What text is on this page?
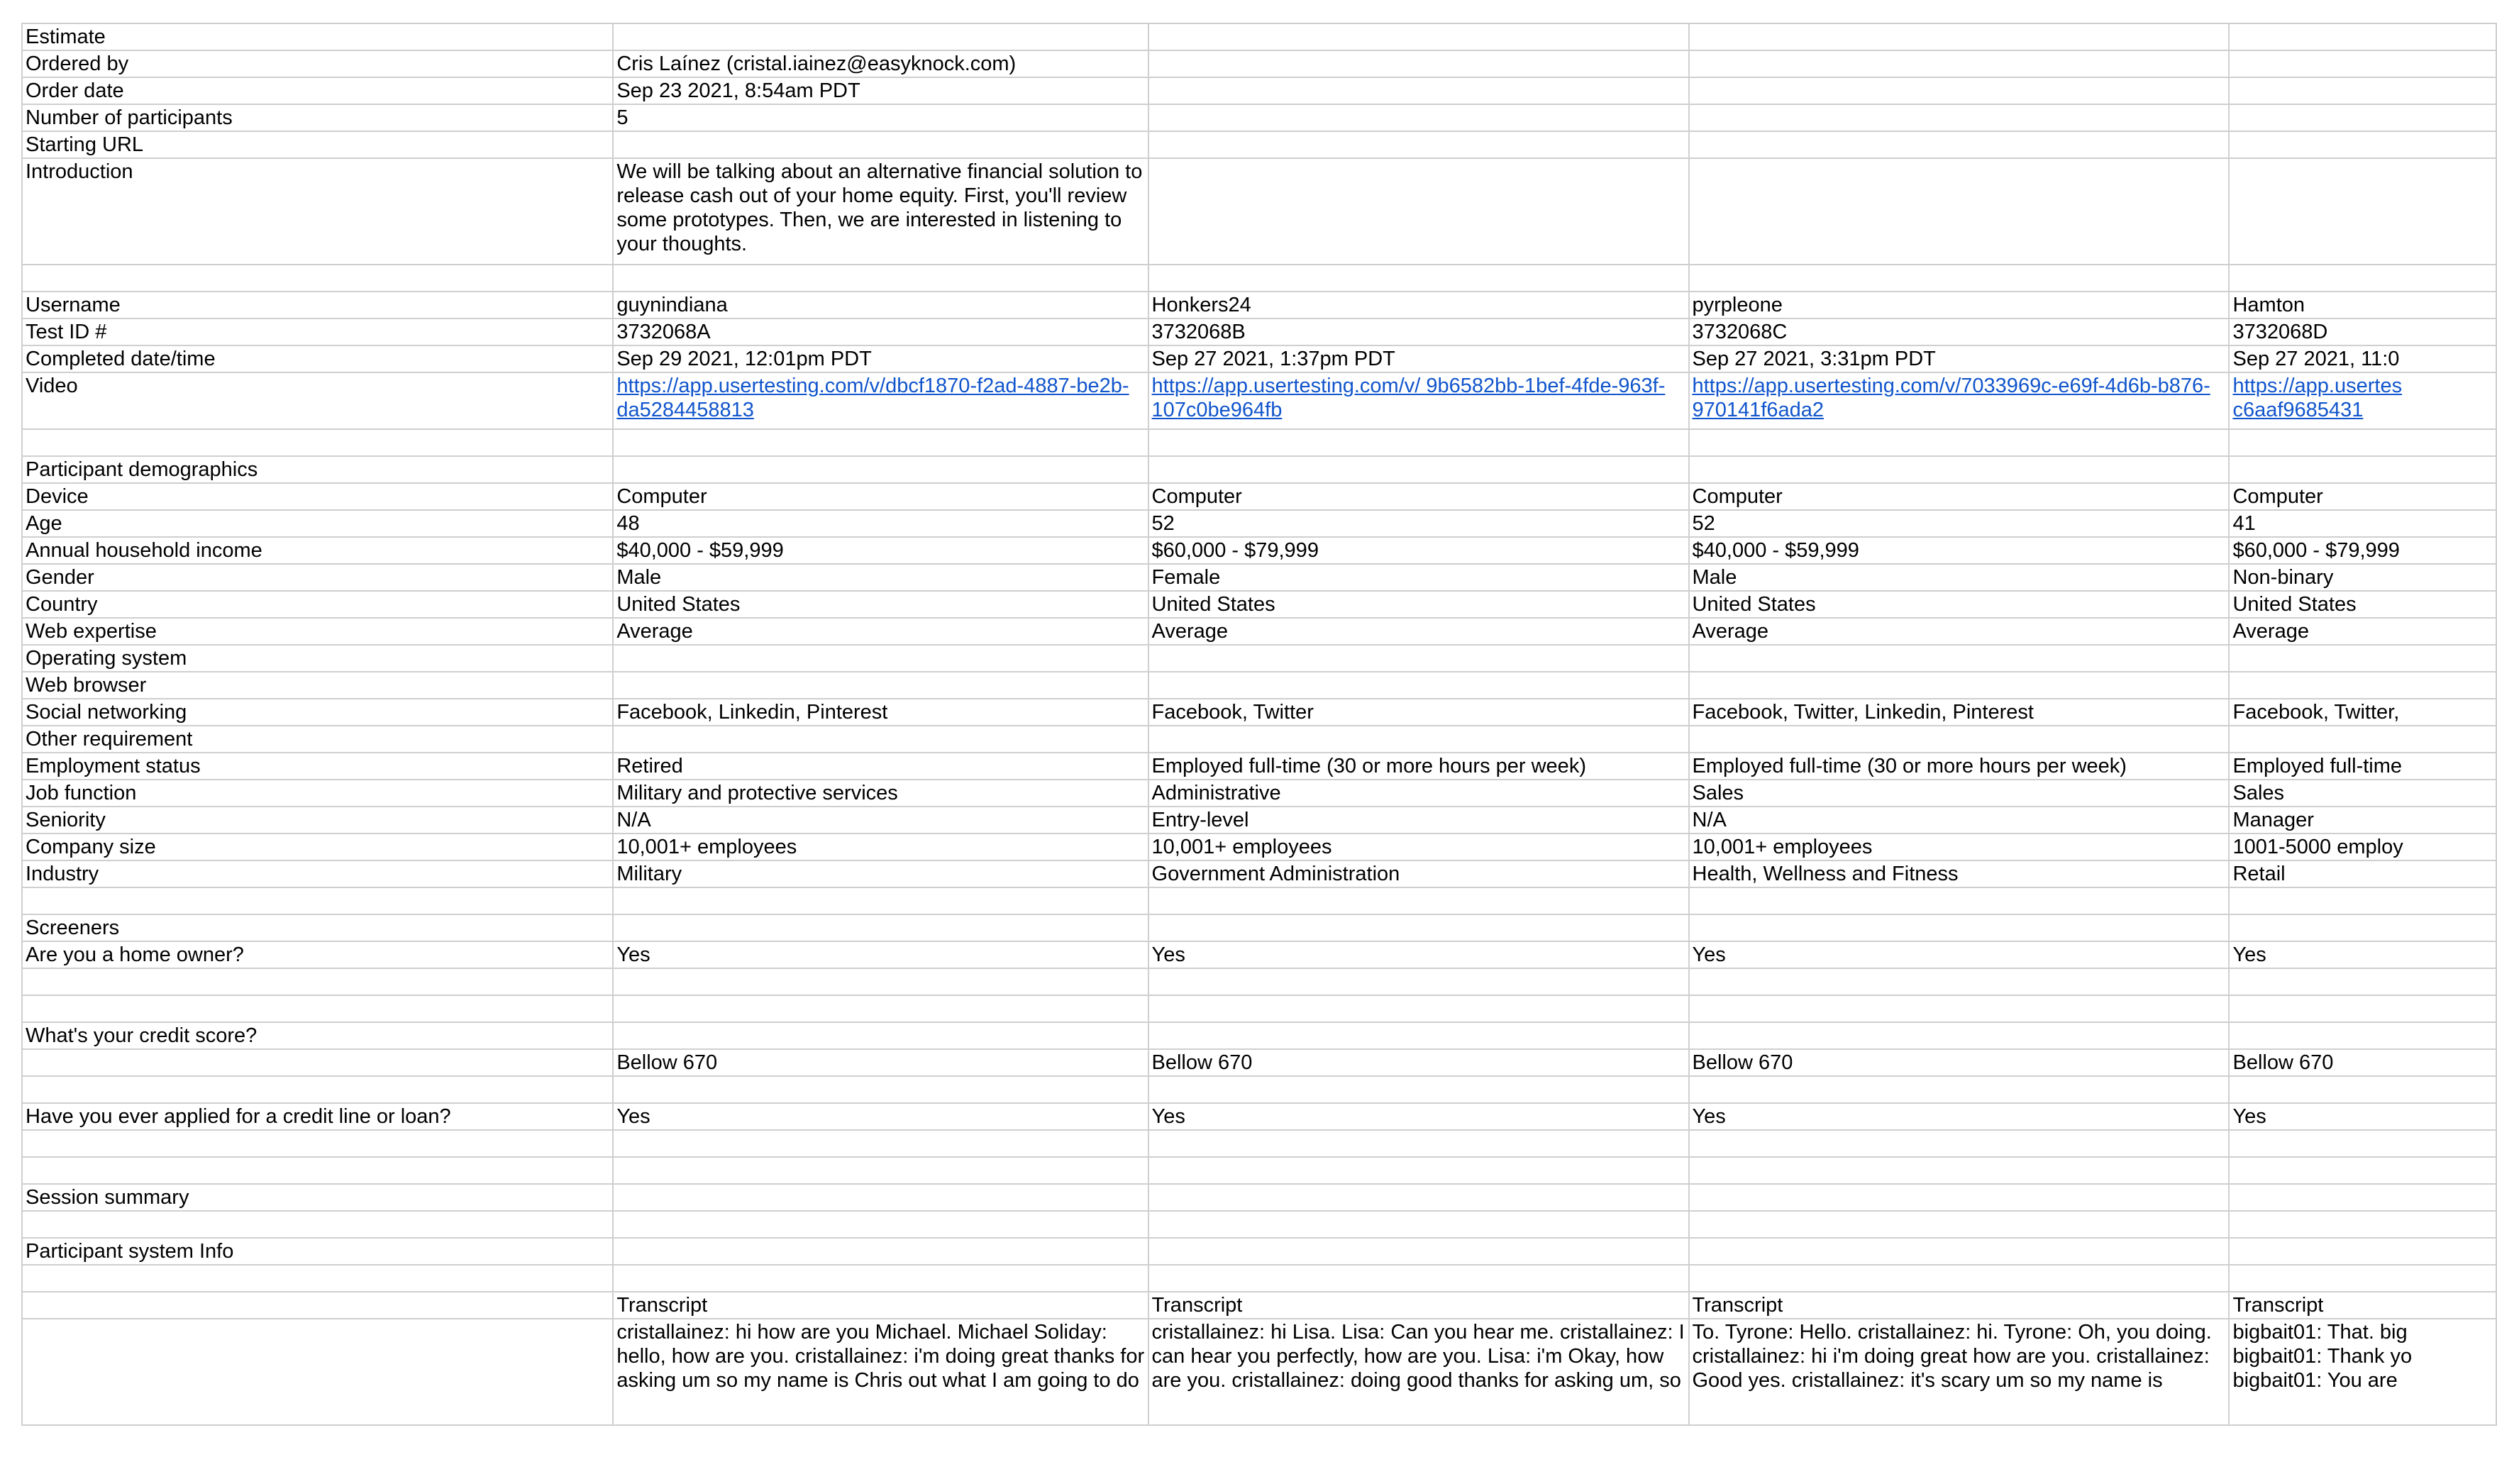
Estimate				
Ordered by	Cris Laínez (cristal.iainez@easyknock.com)			
Order date	Sep 23 2021, 8:54am PDT			
Number of participants	5			
Starting URL				
Introduction	We will be talking about an alternative financial solution to release cash out of your home equity. First, you'll review some prototypes. Then, we are interested in listening to your thoughts.			

Username	guynindiana	Honkers24	pyrpleone	Hamton
Test ID #	3732068A	3732068B	3732068C	3732068D
Completed date/time	Sep 29 2021, 12:01pm PDT	Sep 27 2021, 1:37pm PDT	Sep 27 2021, 3:31pm PDT	Sep 27 2021, 11:0
Video	https://app.usertesting.com/v/dbcf1870-f2ad-4887-be2b-da5284458813	https://app.usertesting.com/v/ 9b6582bb-1bef-4fde-963f-107c0be964fb	https://app.usertesting.com/v/7033969c-e69f-4d6b-b876-970141f6ada2	https://app.usertes c6aaf9685431

Participant demographics				
Device	Computer	Computer	Computer	Computer
Age	48	52	52	41
Annual household income	$40,000 - $59,999	$60,000 - $79,999	$40,000 - $59,999	$60,000 - $79,999
Gender	Male	Female	Male	Non-binary
Country	United States	United States	United States	United States
Web expertise	Average	Average	Average	Average
Operating system				
Web browser				
Social networking	Facebook, Linkedin, Pinterest	Facebook, Twitter	Facebook, Twitter, Linkedin, Pinterest	Facebook, Twitter,
Other requirement				
Employment status	Retired	Employed full-time (30 or more hours per week)	Employed full-time (30 or more hours per week)	Employed full-time
Job function	Military and protective services	Administrative	Sales	Sales
Seniority	N/A	Entry-level	N/A	Manager
Company size	10,001+ employees	10,001+ employees	10,001+ employees	1001-5000 employ
Industry	Military	Government Administration	Health, Wellness and Fitness	Retail

Screeners				
Are you a home owner?	Yes	Yes	Yes	Yes

What's your credit score?				
	Bellow 670	Bellow 670	Bellow 670	Bellow 670

Have you ever applied for a credit line or loan?	Yes	Yes	Yes	Yes

Session summary				

Participant system Info				

	Transcript	Transcript	Transcript	Transcript
	cristallainez: hi how are you Michael. Michael Soliday: hello, how are you. cristallainez: i'm doing great thanks for asking um so my name is Chris out what I am going to do	cristallainez: hi Lisa. Lisa: Can you hear me. cristallainez: I can hear you perfectly, how are you. Lisa: i'm Okay, how are you. cristallainez: doing good thanks for asking um, so	To. Tyrone: Hello. cristallainez: hi. Tyrone: Oh, you doing. cristallainez: hi i'm doing great how are you. cristallainez: Good yes. cristallainez: it's scary um so my name is	bigbait01: That. big bigbait01: Thank yo bigbait01: You are
